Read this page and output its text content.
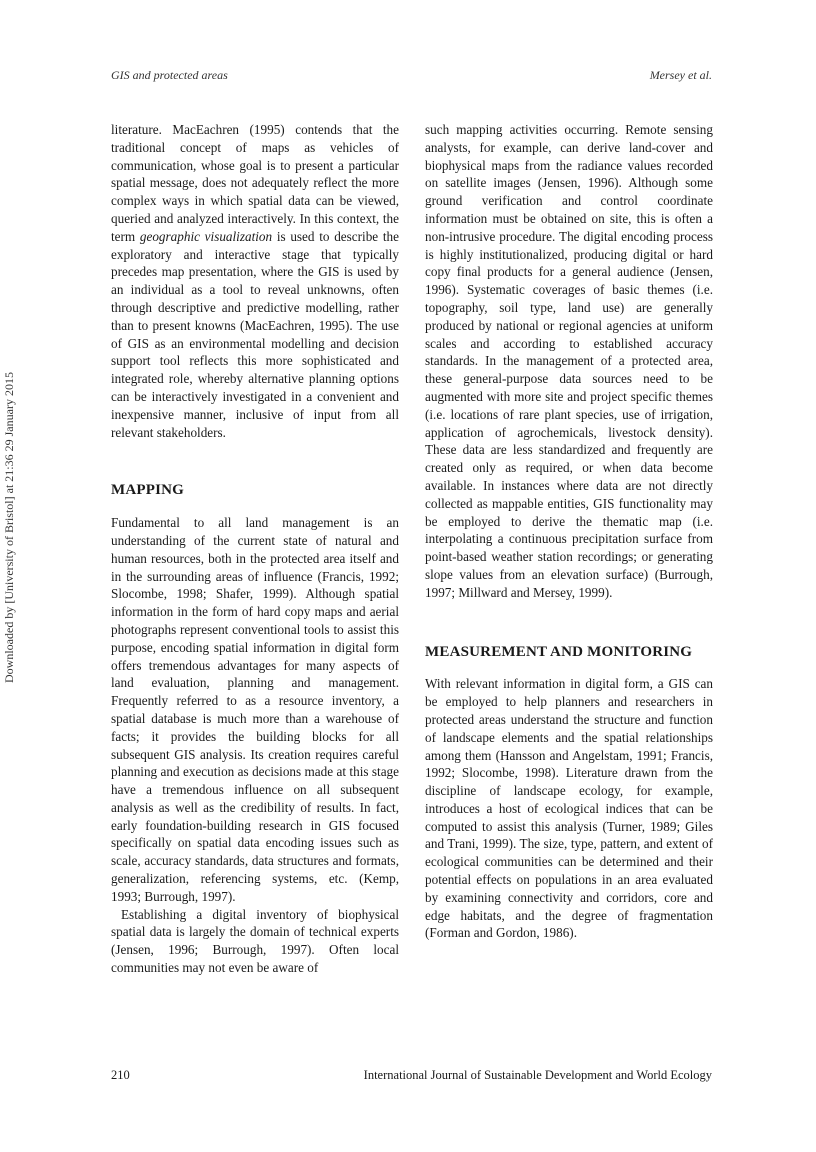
GIS and protected areas	Mersey et al.
Downloaded by [University of Bristol] at 21:36 29 January 2015

literature. MacEachren (1995) contends that the traditional concept of maps as vehicles of communication, whose goal is to present a particular spatial message, does not adequately reflect the more complex ways in which spatial data can be viewed, queried and analyzed interactively. In this context, the term geographic visualization is used to describe the exploratory and interactive stage that typically precedes map presentation, where the GIS is used by an individual as a tool to reveal unknowns, often through descriptive and predictive modelling, rather than to present knowns (MacEachren, 1995). The use of GIS as an environmental modelling and decision support tool reflects this more sophisticated and integrated role, whereby alternative planning options can be interactively investigated in a convenient and inexpensive manner, inclusive of input from all relevant stakeholders.

MAPPING

Fundamental to all land management is an understanding of the current state of natural and human resources, both in the protected area itself and in the surrounding areas of influence (Francis, 1992; Slocombe, 1998; Shafer, 1999). Although spatial information in the form of hard copy maps and aerial photographs represent conventional tools to assist this purpose, encoding spatial information in digital form offers tremendous advantages for many aspects of land evaluation, planning and management. Frequently referred to as a resource inventory, a spatial database is much more than a warehouse of facts; it provides the building blocks for all subsequent GIS analysis. Its creation requires careful planning and execution as decisions made at this stage have a tremendous influence on all subsequent analysis as well as the credibility of results. In fact, early foundation-building research in GIS focused specifically on spatial data encoding issues such as scale, accuracy standards, data structures and formats, generalization, referencing systems, etc. (Kemp, 1993; Burrough, 1997).

Establishing a digital inventory of biophysical spatial data is largely the domain of technical experts (Jensen, 1996; Burrough, 1997). Often local communities may not even be aware of

such mapping activities occurring. Remote sensing analysts, for example, can derive land-cover and biophysical maps from the radiance values recorded on satellite images (Jensen, 1996). Although some ground verification and control coordinate information must be obtained on site, this is often a non-intrusive procedure. The digital encoding process is highly institutionalized, producing digital or hard copy final products for a general audience (Jensen, 1996). Systematic coverages of basic themes (i.e. topography, soil type, land use) are generally produced by national or regional agencies at uniform scales and according to established accuracy standards. In the management of a protected area, these general-purpose data sources need to be augmented with more site and project specific themes (i.e. locations of rare plant species, use of irrigation, application of agrochemicals, livestock density). These data are less standardized and frequently are created only as required, or when data become available. In instances where data are not directly collected as mappable entities, GIS functionality may be employed to derive the thematic map (i.e. interpolating a continuous precipitation surface from point-based weather station recordings; or generating slope values from an elevation surface) (Burrough, 1997; Millward and Mersey, 1999).

MEASUREMENT AND MONITORING

With relevant information in digital form, a GIS can be employed to help planners and researchers in protected areas understand the structure and function of landscape elements and the spatial relationships among them (Hansson and Angelstam, 1991; Francis, 1992; Slocombe, 1998). Literature drawn from the discipline of landscape ecology, for example, introduces a host of ecological indices that can be computed to assist this analysis (Turner, 1989; Giles and Trani, 1999). The size, type, pattern, and extent of ecological communities can be determined and their potential effects on populations in an area evaluated by examining connectivity and corridors, core and edge habitats, and the degree of fragmentation (Forman and Gordon, 1986).

210	International Journal of Sustainable Development and World Ecology
